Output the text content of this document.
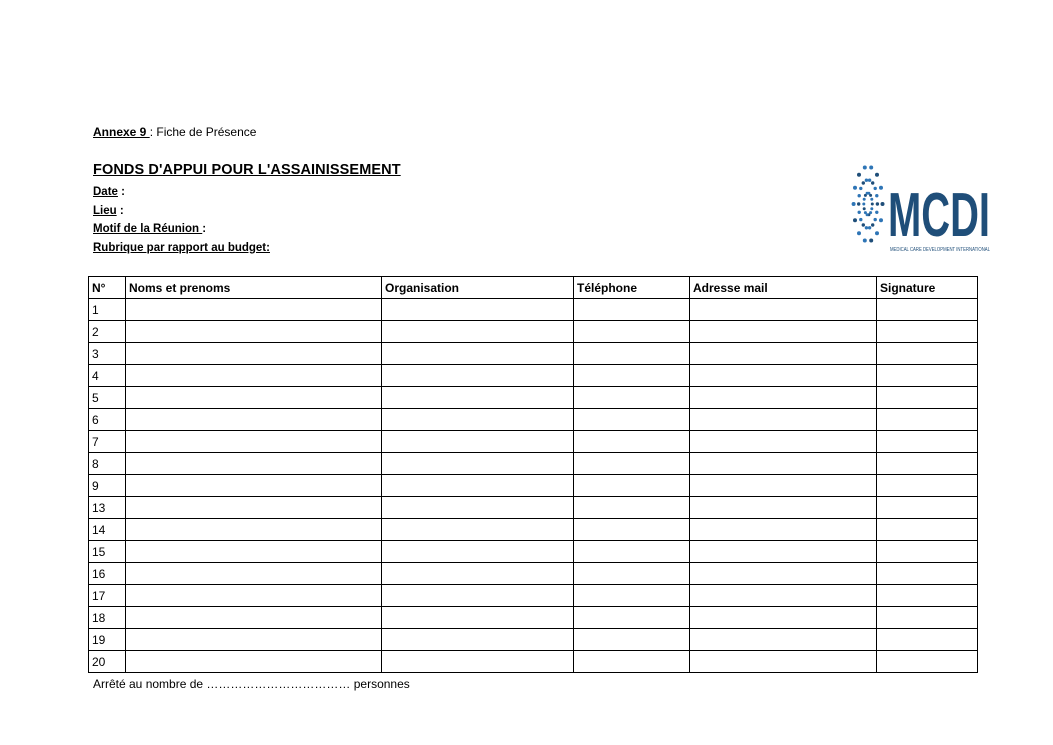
Annexe 9 : Fiche de Présence
FONDS D'APPUI POUR L'ASSAINISSEMENT
Date :
Lieu :
Motif de la Réunion :
Rubrique par rapport au budget:	MCDI
MEDICAL CARE DEVELOPMENT INTERNATIONAL
N°	Noms et prenoms	Organisation	Téléphone	Adresse mail	Signature
1					
2					
3					
4					
5					
6					
7					
8					
9					
13					
14					
15					
16					
17					
18					
19					
20					
Arrêté au nombre de ……………………………… personnes
